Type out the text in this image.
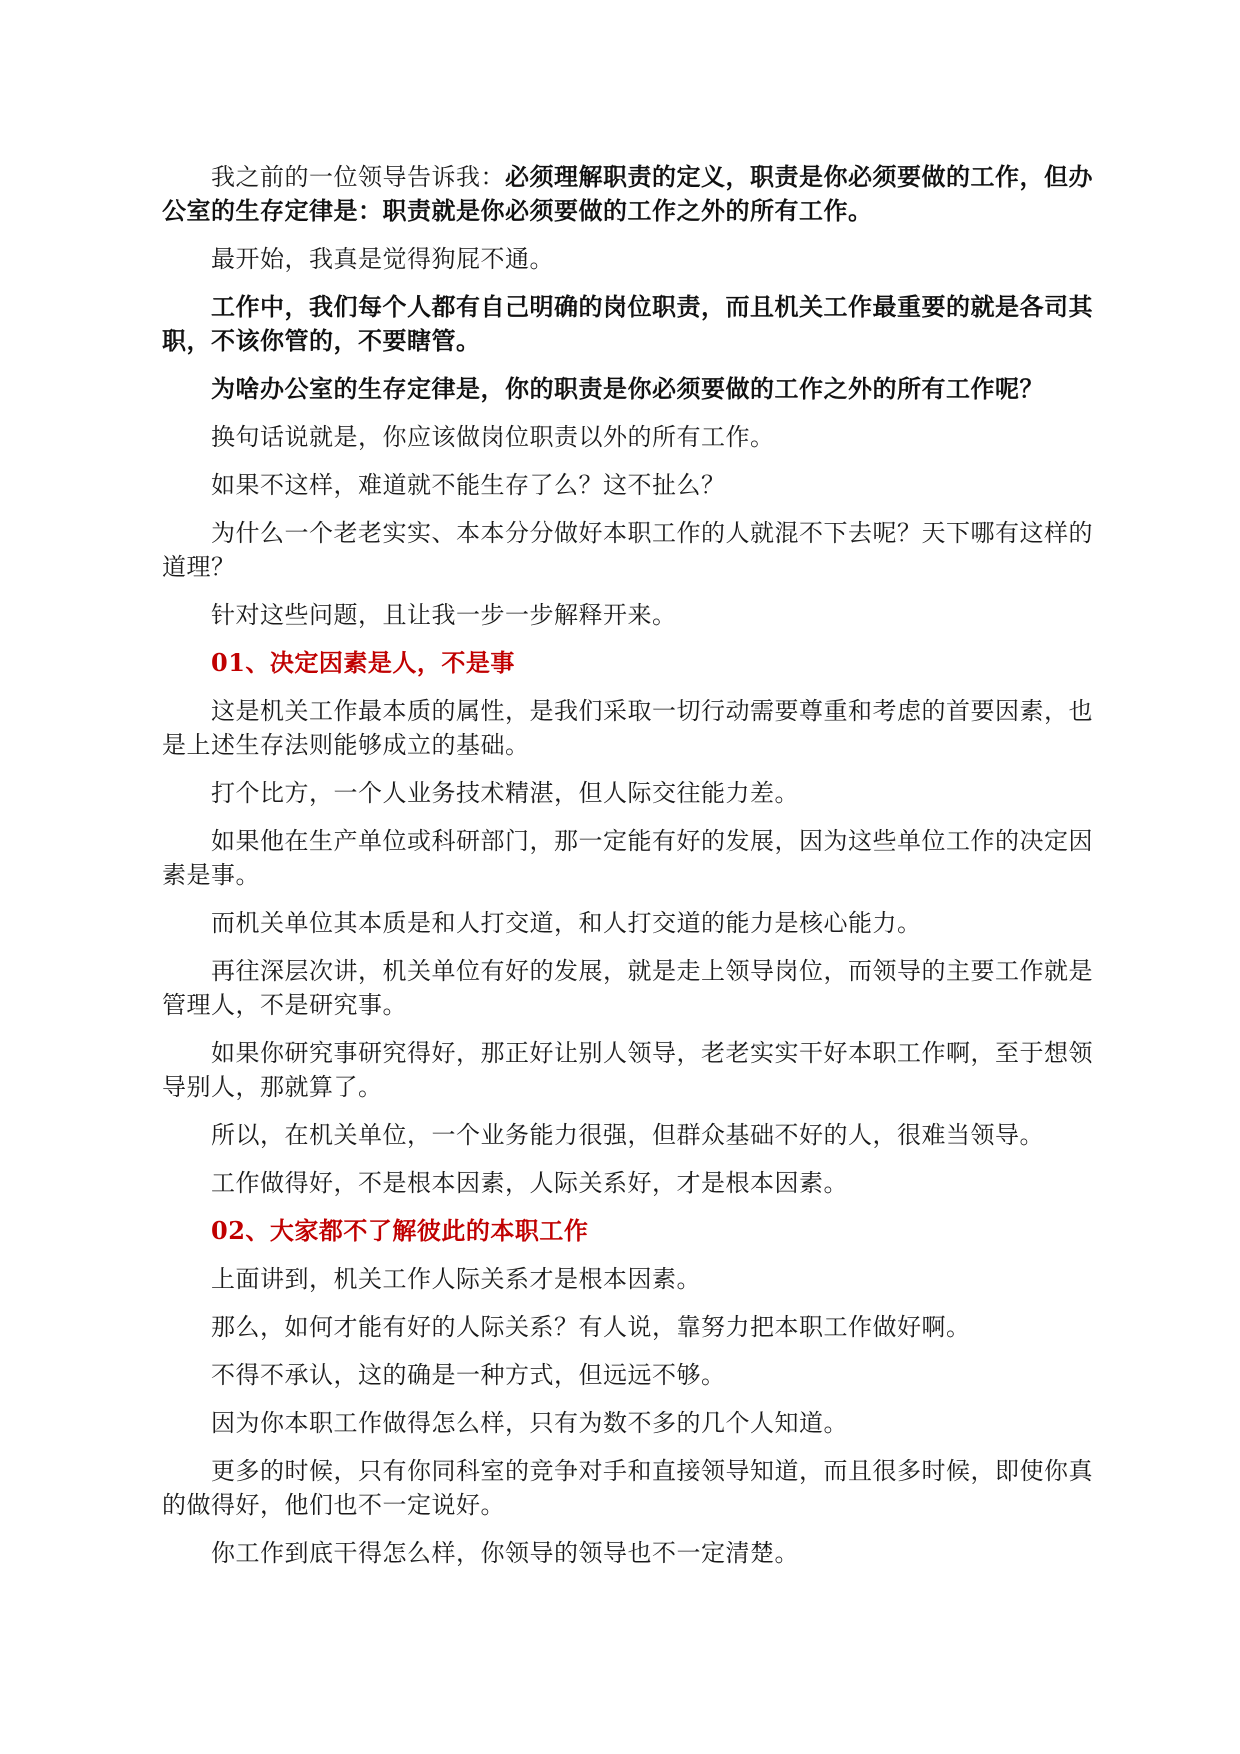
我之前的一位领导告诉我：必须理解职责的定义，职责是你必须要做的工作，但办公室的生存定律是：职责就是你必须要做的工作之外的所有工作。

最开始，我真是觉得狗屁不通。

工作中，我们每个人都有自己明确的岗位职责，而且机关工作最重要的就是各司其职，不该你管的，不要瞎管。

为啥办公室的生存定律是，你的职责是你必须要做的工作之外的所有工作呢？

换句话说就是，你应该做岗位职责以外的所有工作。

如果不这样，难道就不能生存了么？这不扯么？

为什么一个老老实实、本本分分做好本职工作的人就混不下去呢？天下哪有这样的道理？

针对这些问题，且让我一步一步解释开来。

01、决定因素是人，不是事

这是机关工作最本质的属性，是我们采取一切行动需要尊重和考虑的首要因素，也是上述生存法则能够成立的基础。

打个比方，一个人业务技术精湛，但人际交往能力差。

如果他在生产单位或科研部门，那一定能有好的发展，因为这些单位工作的决定因素是事。

而机关单位其本质是和人打交道，和人打交道的能力是核心能力。

再往深层次讲，机关单位有好的发展，就是走上领导岗位，而领导的主要工作就是管理人，不是研究事。

如果你研究事研究得好，那正好让别人领导，老老实实干好本职工作啊，至于想领导别人，那就算了。

所以，在机关单位，一个业务能力很强，但群众基础不好的人，很难当领导。

工作做得好，不是根本因素，人际关系好，才是根本因素。

02、大家都不了解彼此的本职工作

上面讲到，机关工作人际关系才是根本因素。

那么，如何才能有好的人际关系？有人说，靠努力把本职工作做好啊。

不得不承认，这的确是一种方式，但远远不够。

因为你本职工作做得怎么样，只有为数不多的几个人知道。

更多的时候，只有你同科室的竞争对手和直接领导知道，而且很多时候，即使你真的做得好，他们也不一定说好。

你工作到底干得怎么样，你领导的领导也不一定清楚。
